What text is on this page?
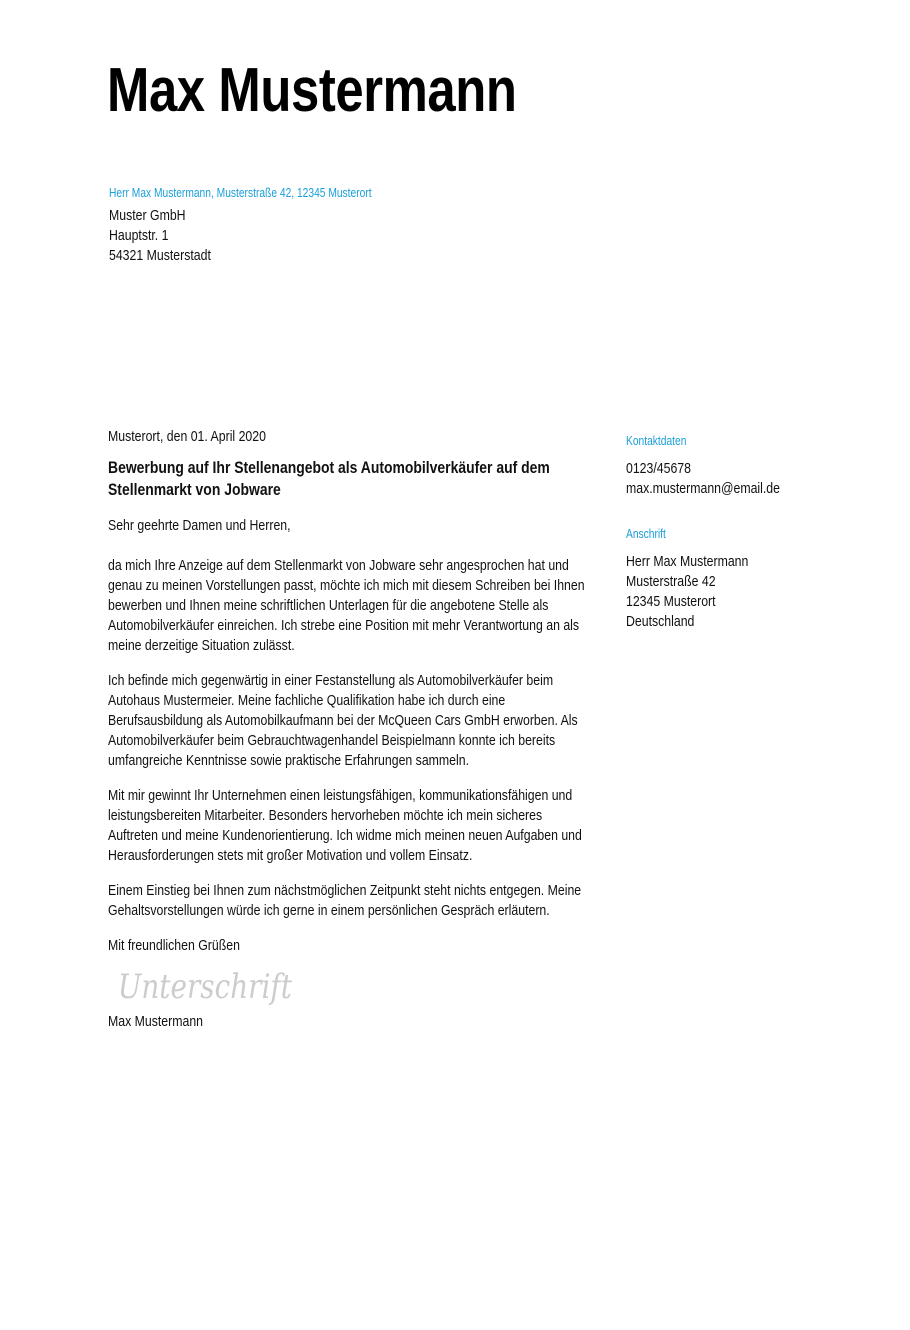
Max Mustermann
Herr Max Mustermann, Musterstraße 42, 12345 Musterort
Muster GmbH
Hauptstr. 1
54321 Musterstadt

Musterort, den 01. April 2020

Bewerbung auf Ihr Stellenangebot als Automobilverkäufer auf dem Stellenmarkt von Jobware

Sehr geehrte Damen und Herren,

da mich Ihre Anzeige auf dem Stellenmarkt von Jobware sehr angesprochen hat und genau zu meinen Vorstellungen passt, möchte ich mich mit diesem Schreiben bei Ihnen bewerben und Ihnen meine schriftlichen Unterlagen für die angebotene Stelle als Automobilverkäufer einreichen. Ich strebe eine Position mit mehr Verantwortung an als meine derzeitige Situation zulässt.

Ich befinde mich gegenwärtig in einer Festanstellung als Automobilverkäufer beim Autohaus Mustermeier. Meine fachliche Qualifikation habe ich durch eine Berufsausbildung als Automobilkaufmann bei der McQueen Cars GmbH erworben. Als Automobilverkäufer beim Gebrauchtwagenhandel Beispielmann konnte ich bereits umfangreiche Kenntnisse sowie praktische Erfahrungen sammeln.

Mit mir gewinnt Ihr Unternehmen einen leistungsfähigen, kommunikationsfähigen und leistungsbereiten Mitarbeiter. Besonders hervorheben möchte ich mein sicheres Auftreten und meine Kundenorientierung. Ich widme mich meinen neuen Aufgaben und Herausforderungen stets mit großer Motivation und vollem Einsatz.

Einem Einstieg bei Ihnen zum nächstmöglichen Zeitpunkt steht nichts entgegen. Meine Gehaltsvorstellungen würde ich gerne in einem persönlichen Gespräch erläutern.

Mit freundlichen Grüßen

Unterschrift

Max Mustermann

Kontaktdaten
0123/45678
max.mustermann@email.de
Anschrift
Herr Max Mustermann
Musterstraße 42
12345 Musterort
Deutschland
